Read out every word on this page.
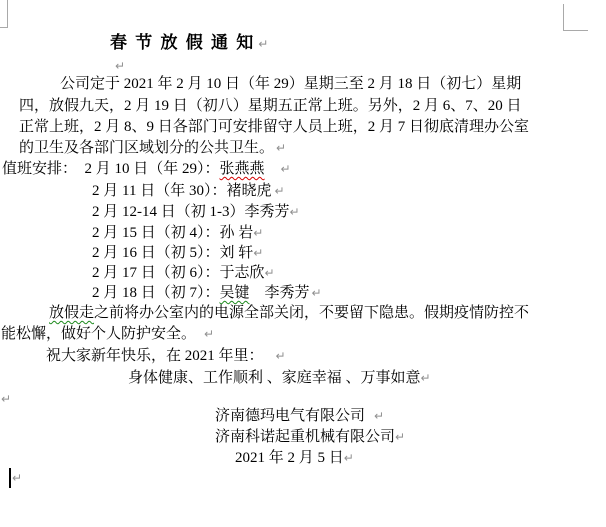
春 节 放 假 通 知 ↵
↵
公司定于 2021 年 2 月 10 日（年 29）星期三至 2 月 18 日（初七）星期
四，放假九天，2 月 19 日（初八）星期五正常上班。另外，2 月 6、7、20 日
正常上班，2 月 8、9 日各部门可安排留守人员上班，2 月 7 日彻底清理办公室
的卫生及各部门区域划分的公共卫生。 ↵
值班安排：　2 月 10 日（年 29）：张燕燕 ↵
2 月 11 日（年 30）：褚晓虎 ↵
2 月 12-14 日（初 1-3）李秀芳↵
2 月 15 日（初 4）：孙 岩↵
2 月 16 日（初 5）：刘 轩↵
2 月 17 日（初 6）：于志欣↵
2 月 18 日（初 7）：吴键　李秀芳 ↵
放假走之前将办公室内的电源全部关闭，不要留下隐患。假期疫情防控不
能松懈，做好个人防护安全。 ↵
祝大家新年快乐，在 2021 年里： ↵
身体健康、工作顺利 、家庭幸福 、万事如意↵
↵
济南德玛电气有限公司 ↵
济南科诺起重机械有限公司↵
2021 年 2 月 5 日↵
↵
